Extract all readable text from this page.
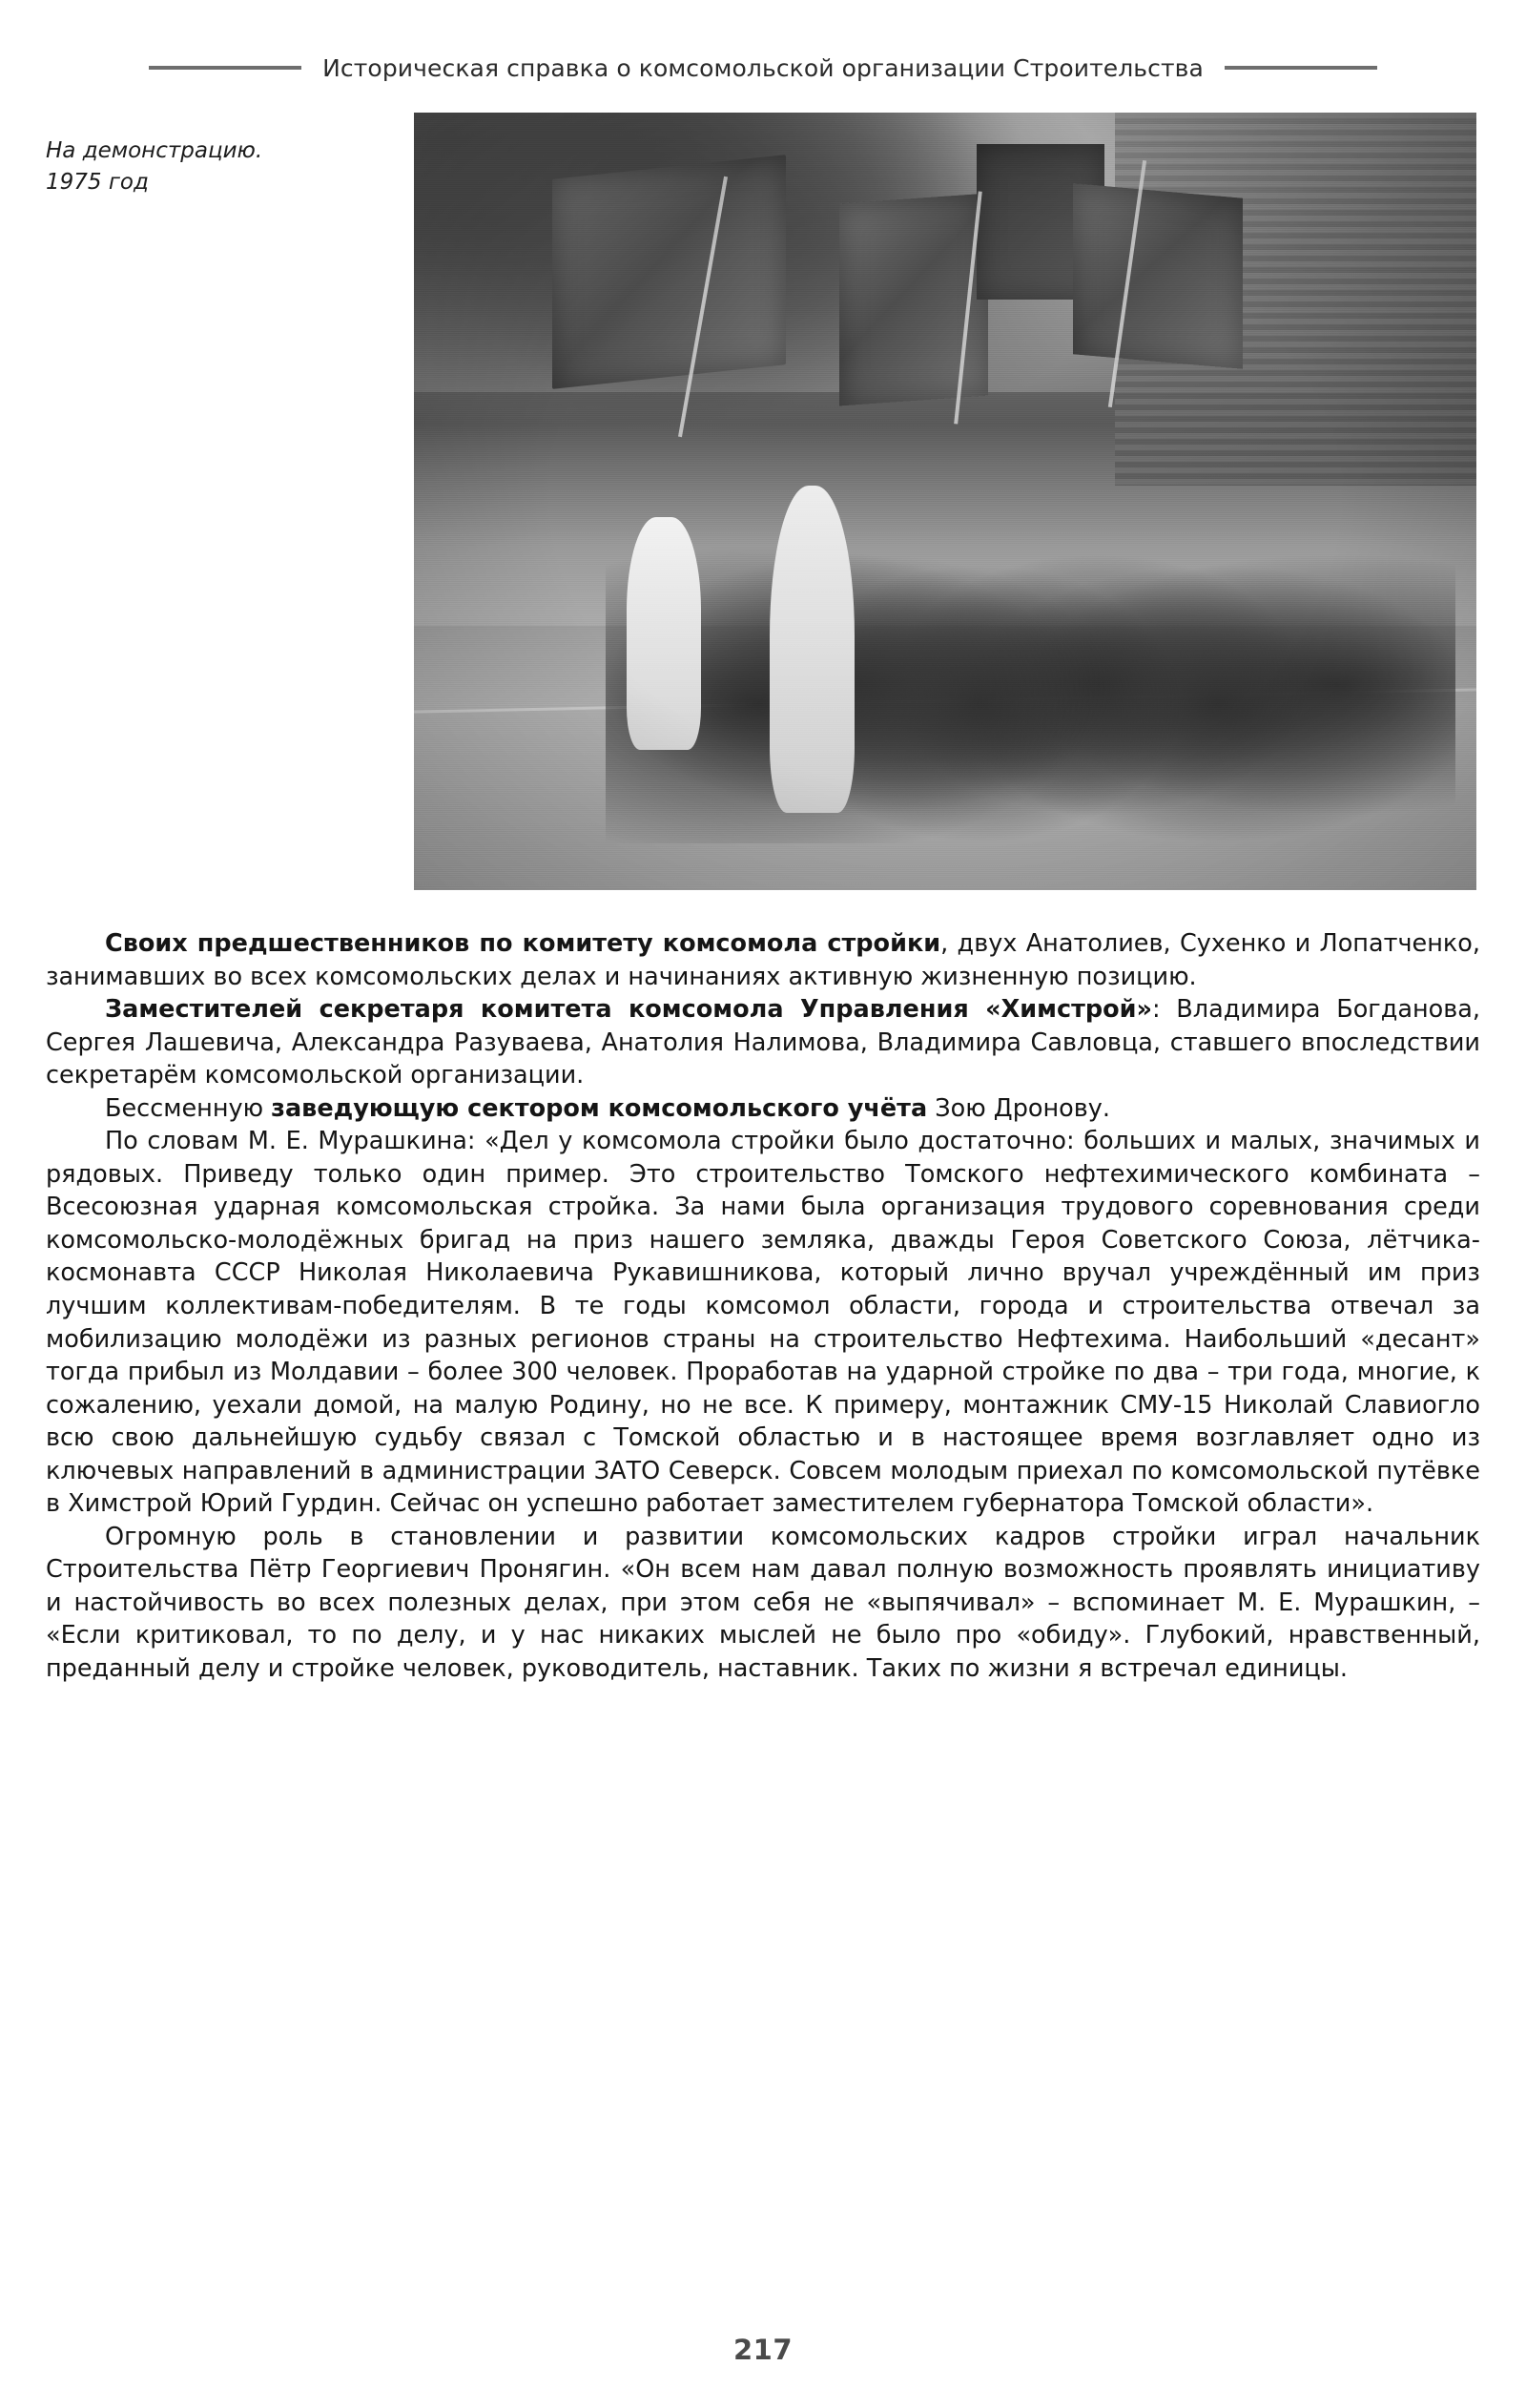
Историческая справка о комсомольской организации Строительства
На демонстрацию.
1975 год

Своих предшественников по комитету комсомола стройки, двух Анатолиев, Сухенко и Лопатченко, занимавших во всех комсомольских делах и начинаниях активную жизненную позицию.

Заместителей секретаря комитета комсомола Управления «Химстрой»: Владимира Богданова, Сергея Лашевича, Александра Разуваева, Анатолия Налимова, Владимира Савловца, ставшего впоследствии секретарём комсомольской организации.

Бессменную заведующую сектором комсомольского учёта Зою Дронову.

По словам М. Е. Мурашкина: «Дел у комсомола стройки было достаточно: больших и малых, значимых и рядовых. Приведу только один пример. Это строительство Томского нефтехимического комбината – Всесоюзная ударная комсомольская стройка. За нами была организация трудового соревнования среди комсомольско-молодёжных бригад на приз нашего земляка, дважды Героя Советского Союза, лётчика-космонавта СССР Николая Николаевича Рукавишникова, который лично вручал учреждённый им приз лучшим коллективам-победителям. В те годы комсомол области, города и строительства отвечал за мобилизацию молодёжи из разных регионов страны на строительство Нефтехима. Наибольший «десант» тогда прибыл из Молдавии – более 300 человек. Проработав на ударной стройке по два – три года, многие, к сожалению, уехали домой, на малую Родину, но не все. К примеру, монтажник СМУ-15 Николай Славиогло всю свою дальнейшую судьбу связал с Томской областью и в настоящее время возглавляет одно из ключевых направлений в администрации ЗАТО Северск. Совсем молодым приехал по комсомольской путёвке в Химстрой Юрий Гурдин. Сейчас он успешно работает заместителем губернатора Томской области».

Огромную роль в становлении и развитии комсомольских кадров стройки играл начальник Строительства Пётр Георгиевич Пронягин. «Он всем нам давал полную возможность проявлять инициативу и настойчивость во всех полезных делах, при этом себя не «выпячивал» – вспоминает М. Е. Мурашкин, – «Если критиковал, то по делу, и у нас никаких мыслей не было про «обиду». Глубокий, нравственный, преданный делу и стройке человек, руководитель, наставник. Таких по жизни я встречал единицы.

217
